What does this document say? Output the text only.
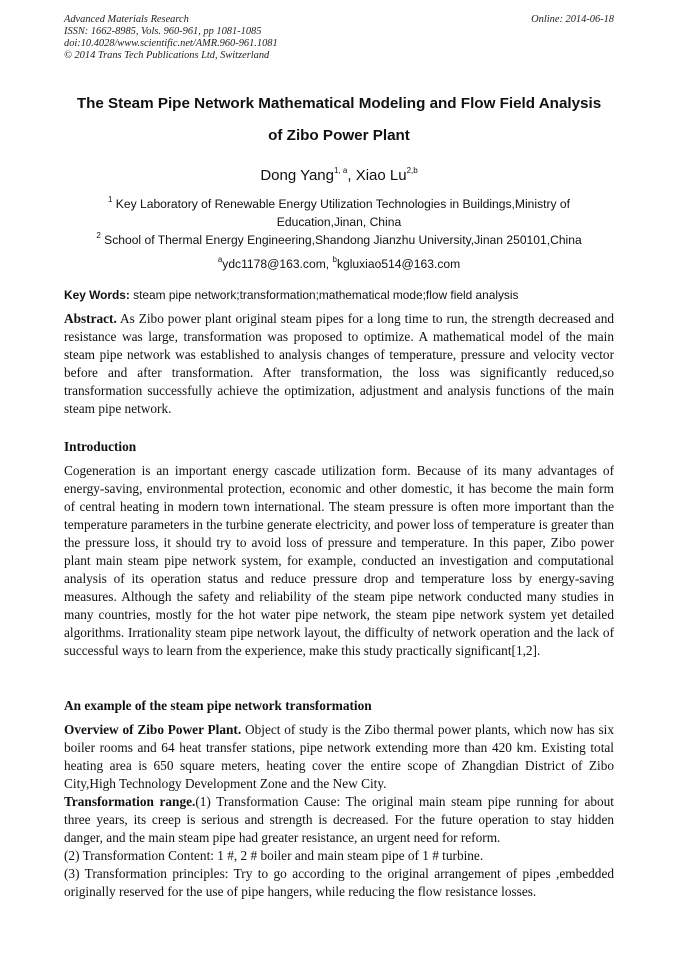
Advanced Materials Research
ISSN: 1662-8985, Vols. 960-961, pp 1081-1085
doi:10.4028/www.scientific.net/AMR.960-961.1081
© 2014 Trans Tech Publications Ltd, Switzerland
Online: 2014-06-18
The Steam Pipe Network Mathematical Modeling and Flow Field Analysis
of Zibo Power Plant
Dong Yang$^{1, a}$, Xiao Lu$^{2,b}$
$^1$ Key Laboratory of Renewable Energy Utilization Technologies in Buildings,Ministry of Education,Jinan, China
$^2$ School of Thermal Energy Engineering,Shandong Jianzhu University,Jinan 250101,China
$^a$ydc1178@163.com, $^b$kgluxiao514@163.com
Key Words: steam pipe network;transformation;mathematical mode;flow field analysis

Abstract. As Zibo power plant original steam pipes for a long time to run, the strength decreased and resistance was large, transformation was proposed to optimize. A mathematical model of the main steam pipe network was established to analysis changes of temperature, pressure and velocity vector before and after transformation. After transformation, the loss was significantly reduced,so transformation successfully achieve the optimization, adjustment and analysis functions of the main steam pipe network.

Introduction

Cogeneration is an important energy cascade utilization form. Because of its many advantages of energy-saving, environmental protection, economic and other domestic, it has become the main form of central heating in modern town international. The steam pressure is often more important than the temperature parameters in the turbine generate electricity, and power loss of temperature is greater than the pressure loss, it should try to avoid loss of pressure and temperature. In this paper, Zibo power plant main steam pipe network system, for example, conducted an investigation and computational analysis of its operation status and reduce pressure drop and temperature loss by energy-saving measures. Although the safety and reliability of the steam pipe network conducted many studies in many countries, mostly for the hot water pipe network, the steam pipe network system yet detailed algorithms. Irrationality steam pipe network layout, the difficulty of network operation and the lack of successful ways to learn from the experience, make this study practically significant[1,2].

An example of the steam pipe network transformation

Overview of Zibo Power Plant. Object of study is the Zibo thermal power plants, which now has six boiler rooms and 64 heat transfer stations, pipe network extending more than 420 km. Existing total heating area is 650 square meters, heating cover the entire scope of Zhangdian District of Zibo City,High Technology Development Zone and the New City.

Transformation range.(1) Transformation Cause: The original main steam pipe running for about three years, its creep is serious and strength is decreased. For the future operation to stay hidden danger, and the main steam pipe had greater resistance, an urgent need for reform.

(2) Transformation Content: 1 #, 2 # boiler and main steam pipe of 1 # turbine.

(3) Transformation principles: Try to go according to the original arrangement of pipes ,embedded originally reserved for the use of pipe hangers, while reducing the flow resistance losses.
